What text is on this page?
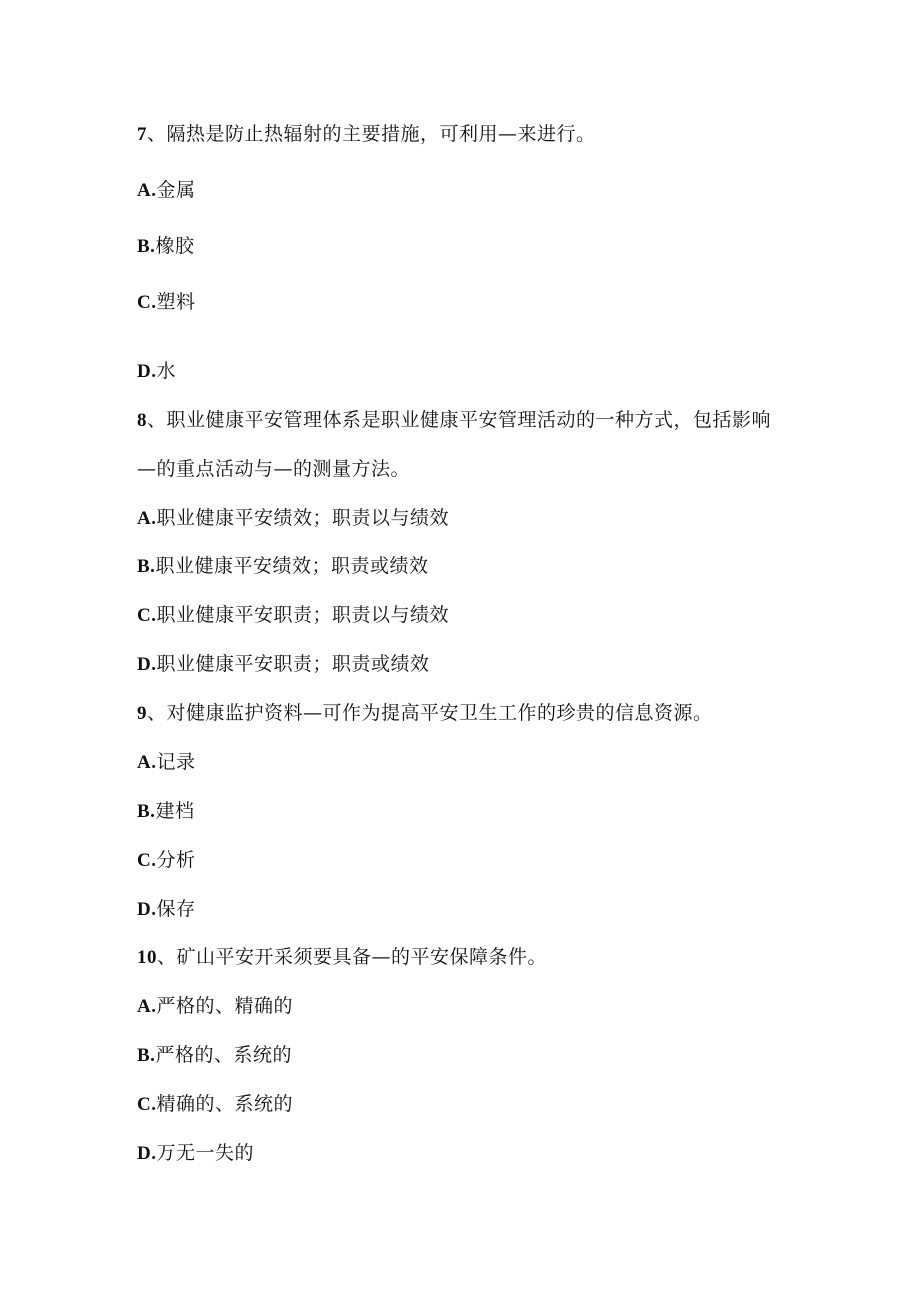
7、隔热是防止热辐射的主要措施，可利用—来进行。
A.金属
B.橡胶
C.塑料
D.水
8、职业健康平安管理体系是职业健康平安管理活动的一种方式，包括影响
—的重点活动与—的测量方法。
A.职业健康平安绩效；职责以与绩效
B.职业健康平安绩效；职责或绩效
C.职业健康平安职责；职责以与绩效
D.职业健康平安职责；职责或绩效
9、对健康监护资料—可作为提高平安卫生工作的珍贵的信息资源。
A.记录
B.建档
C.分析
D.保存
10、矿山平安开采须要具备—的平安保障条件。
A.严格的、精确的
B.严格的、系统的
C.精确的、系统的
D.万无一失的
